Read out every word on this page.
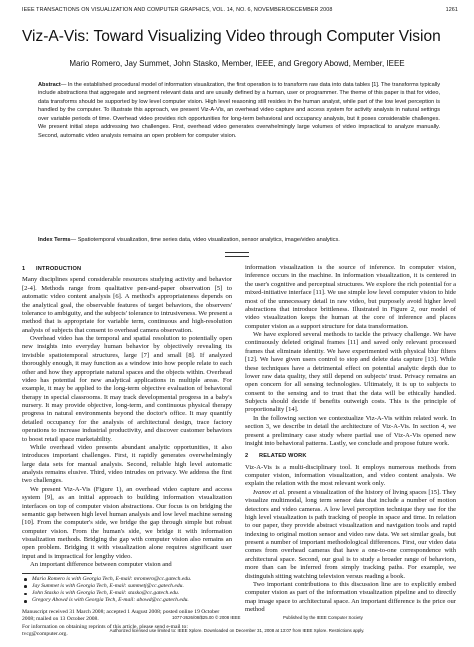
IEEE TRANSACTIONS ON VISUALIZATION AND COMPUTER GRAPHICS, VOL. 14, NO. 6, NOVEMBER/DECEMBER 2008	1261
Viz-A-Vis: Toward Visualizing Video through Computer Vision
Mario Romero, Jay Summet, John Stasko, Member, IEEE, and Gregory Abowd, Member, IEEE
Abstract— In the established procedural model of information visualization, the first operation is to transform raw data into data tables [1]. The transforms typically include abstractions that aggregate and segment relevant data and are usually defined by a human, user or programmer. The theme of this paper is that for video, data transforms should be supported by low level computer vision. High level reasoning still resides in the human analyst, while part of the low level perception is handled by the computer. To illustrate this approach, we present Viz-A-Vis, an overhead video capture and access system for activity analysis in natural settings over variable periods of time. Overhead video provides rich opportunities for long-term behavioral and occupancy analysis, but it poses considerable challenges. We present initial steps addressing two challenges. First, overhead video generates overwhelmingly large volumes of video impractical to analyze manually. Second, automatic video analysis remains an open problem for computer vision.
Index Terms— Spatiotemporal visualization, time series data, video visualization, sensor analytics, image/video analytics.
1 INTRODUCTION

Many disciplines spend considerable resources studying activity and behavior [2-4]. Methods range from qualitative pen-and-paper observation [5] to automatic video content analysis [6]. A method's appropriateness depends on the analytical goal, the observable features of target behaviors, the observers' tolerance to ambiguity, and the subjects' tolerance to intrusiveness. We present a method that is appropriate for variable term, continuous and high-resolution analysis of subjects that consent to overhead camera observation.

Overhead video has the temporal and spatial resolution to potentially open new insights into everyday human behavior by objectively revealing its invisible spatiotemporal structures, large [7] and small [8]. If analyzed thoroughly enough, it may function as a window into how people relate to each other and how they appropriate natural spaces and the objects within. Overhead video has potential for new analytical applications in multiple areas. For example, it may be applied to the long-term objective evaluation of behavioral therapy in special classrooms. It may track developmental progress in a baby's nursery. It may provide objective, long-term, and continuous physical therapy progress in natural environments beyond the doctor's office. It may quantify detailed occupancy for the analysis of architectural design, trace factory operations to increase industrial productivity, and discover customer behaviors to boost retail space marketability.

While overhead video presents abundant analytic opportunities, it also introduces important challenges. First, it rapidly generates overwhelmingly large data sets for manual analysis. Second, reliable high level automatic analysis remains elusive. Third, video intrudes on privacy. We address the first two challenges.

We present Viz-A-Vis (Figure 1), an overhead video capture and access system [9], as an initial approach to building information visualization interfaces on top of computer vision abstractions. Our focus is on bridging the semantic gap between high level human analysis and low level machine sensing [10]. From the computer's side, we bridge the gap through simple but robust computer vision. From the human's side, we bridge it with information visualization methods. Bridging the gap with computer vision also remains an open problem. Bridging it with visualization alone requires significant user input and is impractical for lengthy video.

An important difference between computer vision and

Mario Romero is with Georgia Tech, E-mail: mromero@cc.gatech.edu.
Jay Summet is with Georgia Tech, E-mail: summetj@cc.gatech.edu.
John Stasko is with Georgia Tech, E-mail: stasko@cc.gatech.edu.
Gregory Abowd is with Georgia Tech, E-mail: abowd@cc.gatech.edu.
Manuscript received 31 March 2008; accepted 1 August 2008; posted online 19 October 2008; mailed on 13 October 2008.
For information on obtaining reprints of this article, please send e-mail to: tvcg@computer.org.

information visualization is the source of inference. In computer vision, inference occurs in the machine. In information visualization, it is centered in the user's cognitive and perceptual structures. We explore the rich potential for a mixed-initiative interface [11]. We use simple low level computer vision to hide most of the unnecessary detail in raw video, but purposely avoid higher level abstractions that introduce brittleness. Illustrated in Figure 2, our model of video visualization keeps the human at the core of inference and places computer vision as a support structure for data transformation.

We have explored several methods to tackle the privacy challenge. We have continuously deleted original frames [11] and saved only relevant processed frames that eliminate identity. We have experimented with physical blur filters [12]. We have given users control to stop and delete data capture [13]. While these techniques have a detrimental effect on potential analytic depth due to lower raw data quality, they still depend on subjects' trust. Privacy remains an open concern for all sensing technologies. Ultimately, it is up to subjects to consent to the sensing and to trust that the data will be ethically handled. Subjects should decide if benefits outweigh costs. This is the principle of proportionality [14].

In the following section we contextualize Viz-A-Vis within related work. In section 3, we describe in detail the architecture of Viz-A-Vis. In section 4, we present a preliminary case study where partial use of Viz-A-Vis opened new insight into behavioral patterns. Lastly, we conclude and propose future work.

2 RELATED WORK

Viz-A-Vis is a multi-disciplinary tool. It employs numerous methods from computer vision, information visualization, and video content analysis. We explain the relation with the most relevant work only.

Ivanov et al. present a visualization of the history of living spaces [15]. They visualize multimodal, long term sensor data that include a number of motion detectors and video cameras. A low level perception technique they use for the high level visualization is path tracking of people in space and time. In relation to our paper, they provide abstract visualization and navigation tools and rapid indexing to original motion sensor and video raw data. We set similar goals, but present a number of important methodological differences. First, our video data comes from overhead cameras that have a one-to-one correspondence with architectural space. Second, our goal is to study a broader range of behaviors, more than can be inferred from simply tracking paths. For example, we distinguish sitting watching television versus reading a book.

Two important contributions to this discussion line are to explicitly embed computer vision as part of the information visualization pipeline and to directly map image space to architectural space. An important difference is the price our method

1077-2626/08/$25.00 © 2008 IEEE	Published by the IEEE Computer Society
Authorized licensed use limited to: IEEE Xplore. Downloaded on December 31, 2008 at 13:07 from IEEE Xplore. Restrictions apply.
